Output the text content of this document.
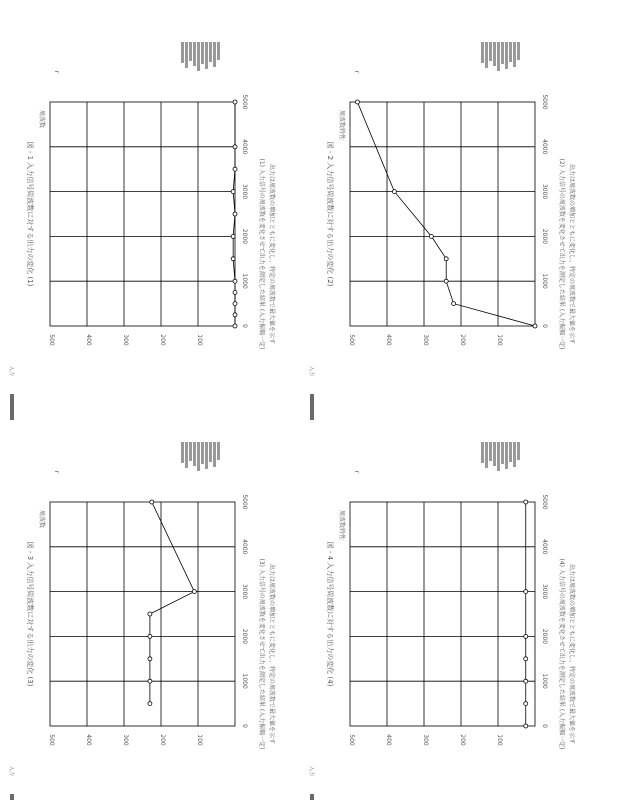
1000
2000
3000
4000
5000
0
100
200
300
400
500
図 - 1 入力信号周波数に対する出力の変化 (1)
周波数
(1) 入力信号の周波数を変化させて出力を測定した結果 (入力振幅一定) 出力は周波数の増加とともに変化し、特定の周波数で最大値を示す
r
入力
1000
2000
3000
4000
5000
0
100
200
300
400
500
図 - 2 入力信号周波数に対する出力の変化 (2)
周波数特性
(2) 入力信号の周波数を変化させて出力を測定した結果 (入力振幅一定) 出力は周波数の増加とともに変化し、特定の周波数で最大値を示す
r
入力
1000
2000
3000
4000
5000
0
100
200
300
400
500
図 - 3 入力信号周波数に対する出力の変化 (3)
周波数
(3) 入力信号の周波数を変化させて出力を測定した結果 (入力振幅一定) 出力は周波数の増加とともに変化し、特定の周波数で最大値を示す
r
入力
1000
2000
3000
4000
5000
0
100
200
300
400
500
図 - 4 入力信号周波数に対する出力の変化 (4)
周波数特性
(4) 入力信号の周波数を変化させて出力を測定した結果 (入力振幅一定) 出力は周波数の増加とともに変化し、特定の周波数で最大値を示す
r
入力
